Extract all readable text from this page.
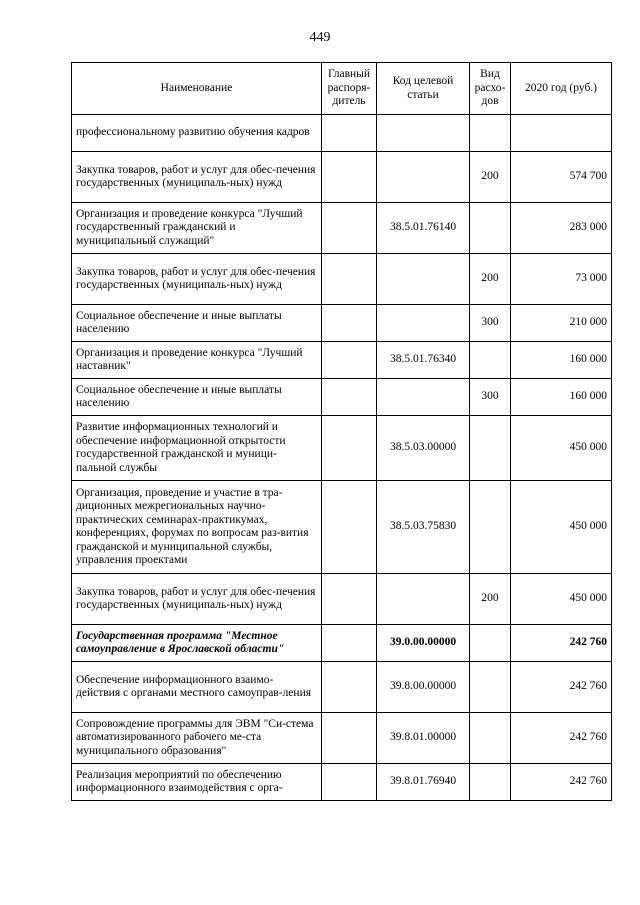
449
Наименование	Главный распоря-дитель	Код целевой статьи	Вид расхо-дов	2020 год (руб.)
профессиональному развитию обучения кадров				
Закупка товаров, работ и услуг для обес-печения государственных (муниципаль-ных) нужд			200	574 700
Организация и проведение конкурса "Лучший государственный гражданский и муниципальный служащий"		38.5.01.76140		283 000
Закупка товаров, работ и услуг для обес-печения государственных (муниципаль-ных) нужд			200	73 000
Социальное обеспечение и иные выплаты населению			300	210 000
Организация и проведение конкурса "Лучший наставник"		38.5.01.76340		160 000
Социальное обеспечение и иные выплаты населению			300	160 000
Развитие информационных технологий и обеспечение информационной открытости государственной гражданской и муници-пальной службы		38.5.03.00000		450 000
Организация, проведение и участие в тра-диционных межрегиональных научно-практических семинарах-практикумах, конференциях, форумах по вопросам раз-вития гражданской и муниципальной службы, управления проектами		38.5.03.75830		450 000
Закупка товаров, работ и услуг для обес-печения государственных (муниципаль-ных) нужд			200	450 000
Государственная программа "Местное самоуправление в Ярославской области"		39.0.00.00000		242 760
Обеспечение информационного взаимо-действия с органами местного самоуправ-ления		39.8.00.00000		242 760
Сопровождение программы для ЭВМ "Си-стема автоматизированного рабочего ме-ста муниципального образования"		39.8.01.00000		242 760
Реализация мероприятий по обеспечению информационного взаимодействия с орга-		39.8.01.76940		242 760
